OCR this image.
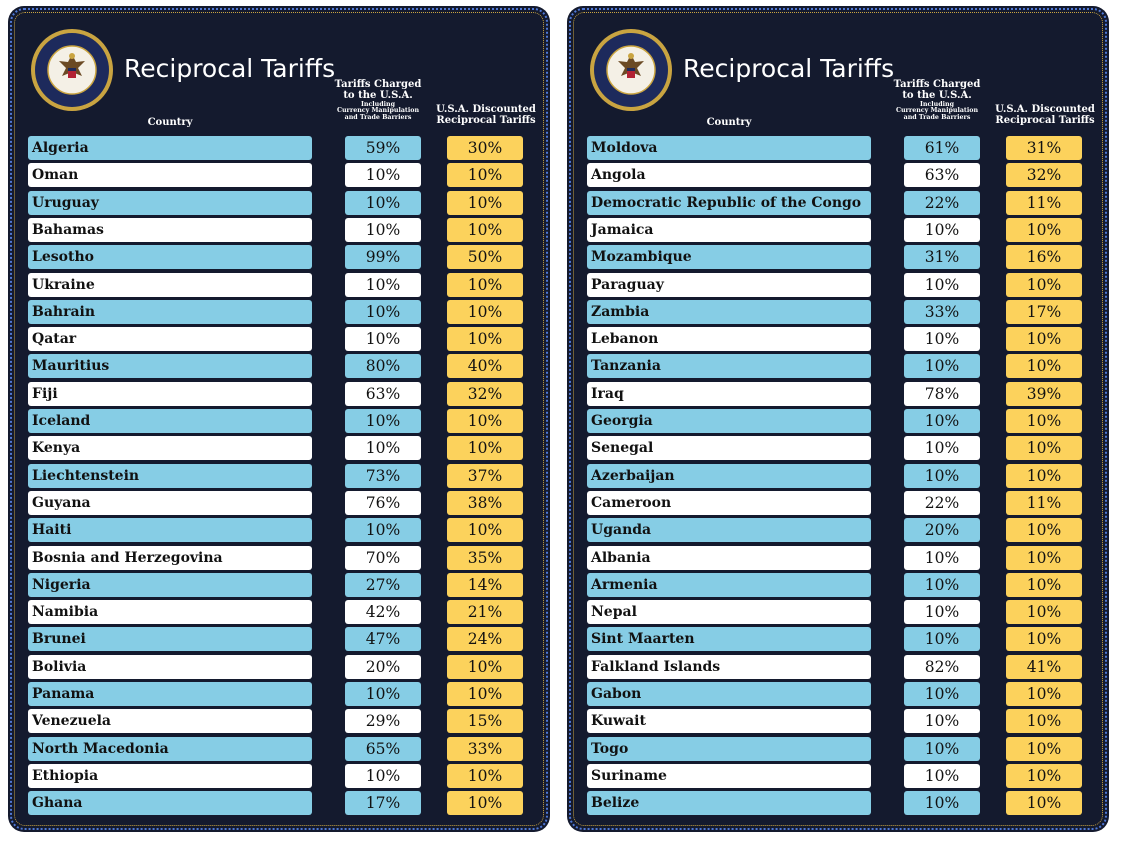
Reciprocal Tariffs
Country
Tariffs Charged
to the U.S.A.
Including
Currency Manipulation
and Trade Barriers
U.S.A. Discounted
Reciprocal Tariffs
Algeria	59%	30%
Oman	10%	10%
Uruguay	10%	10%
Bahamas	10%	10%
Lesotho	99%	50%
Ukraine	10%	10%
Bahrain	10%	10%
Qatar	10%	10%
Mauritius	80%	40%
Fiji	63%	32%
Iceland	10%	10%
Kenya	10%	10%
Liechtenstein	73%	37%
Guyana	76%	38%
Haiti	10%	10%
Bosnia and Herzegovina	70%	35%
Nigeria	27%	14%
Namibia	42%	21%
Brunei	47%	24%
Bolivia	20%	10%
Panama	10%	10%
Venezuela	29%	15%
North Macedonia	65%	33%
Ethiopia	10%	10%
Ghana	17%	10%
Reciprocal Tariffs
Country
Tariffs Charged
to the U.S.A.
Including
Currency Manipulation
and Trade Barriers
U.S.A. Discounted
Reciprocal Tariffs
Moldova	61%	31%
Angola	63%	32%
Democratic Republic of the Congo	22%	11%
Jamaica	10%	10%
Mozambique	31%	16%
Paraguay	10%	10%
Zambia	33%	17%
Lebanon	10%	10%
Tanzania	10%	10%
Iraq	78%	39%
Georgia	10%	10%
Senegal	10%	10%
Azerbaijan	10%	10%
Cameroon	22%	11%
Uganda	20%	10%
Albania	10%	10%
Armenia	10%	10%
Nepal	10%	10%
Sint Maarten	10%	10%
Falkland Islands	82%	41%
Gabon	10%	10%
Kuwait	10%	10%
Togo	10%	10%
Suriname	10%	10%
Belize	10%	10%
